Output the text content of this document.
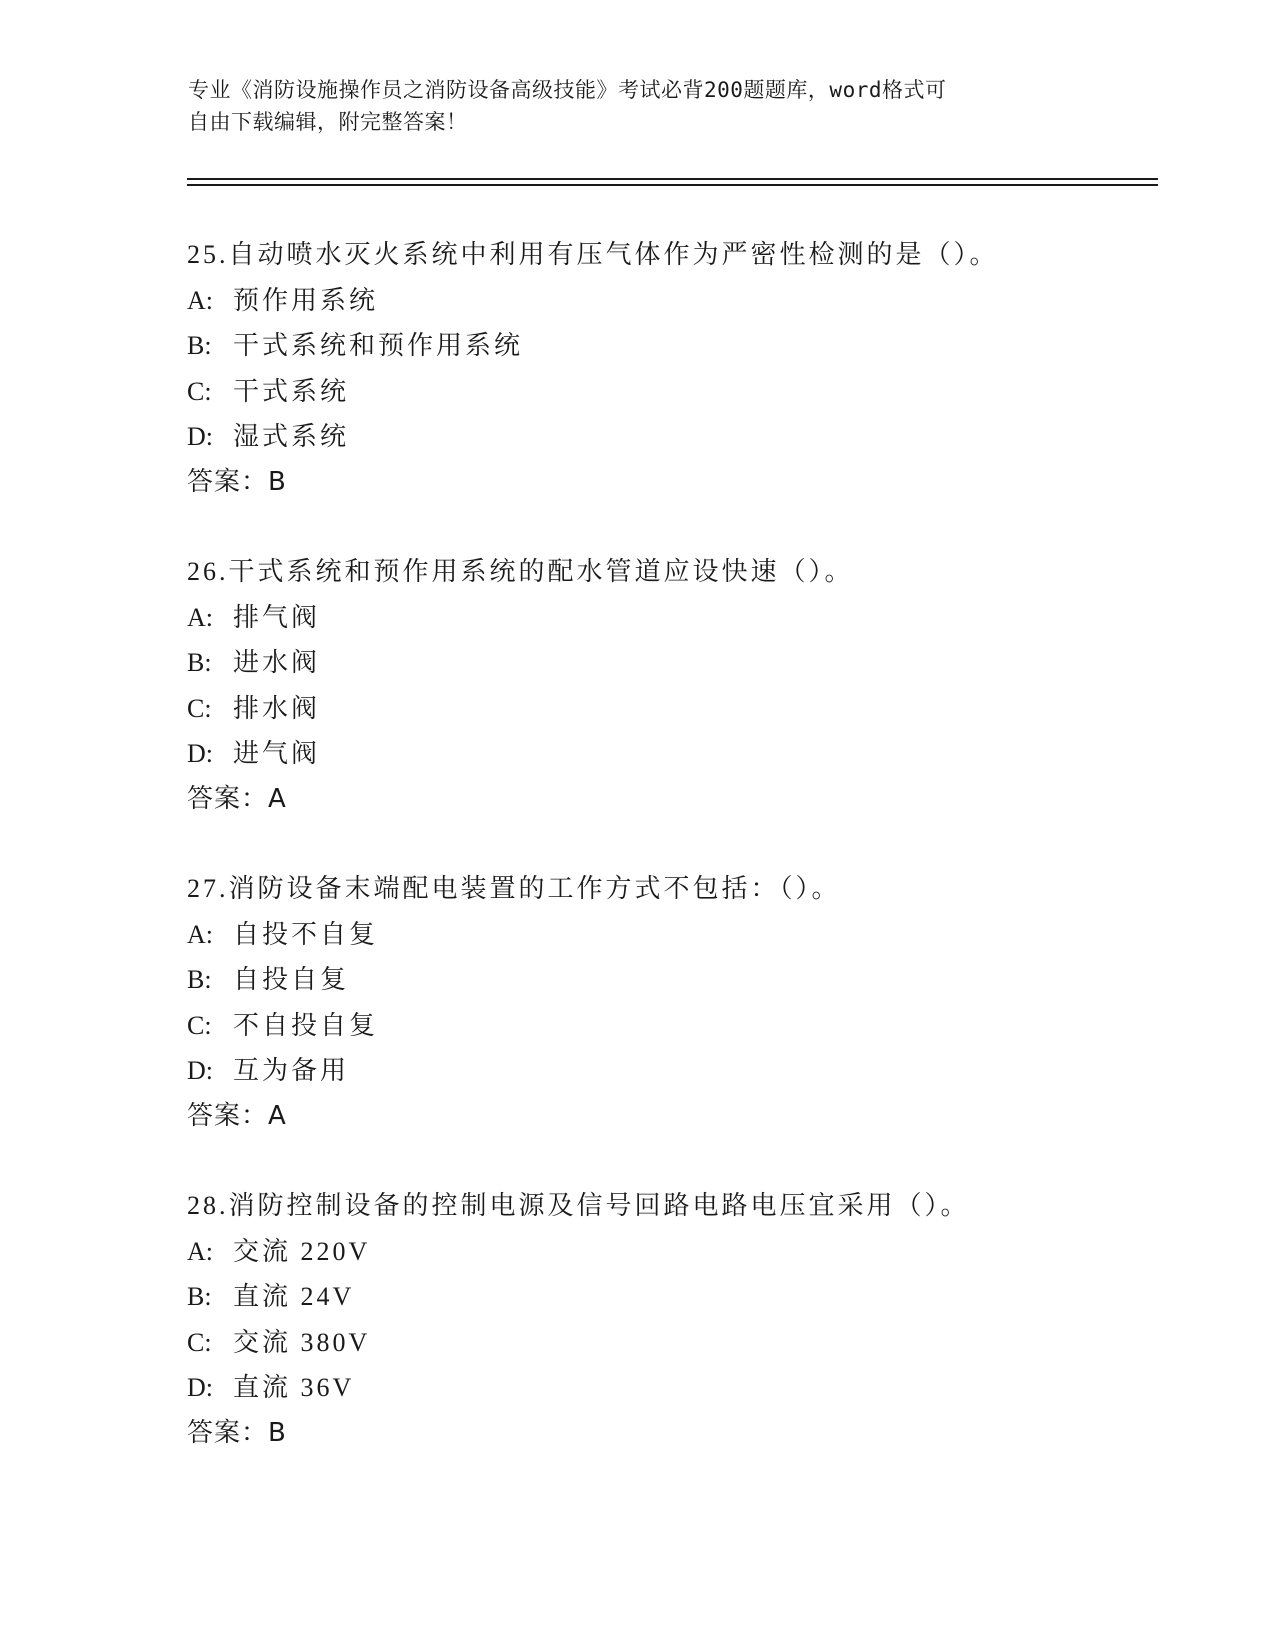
专业《消防设施操作员之消防设备高级技能》考试必背200题题库，word格式可
自由下载编辑，附完整答案！
25.自动喷水灭火系统中利用有压气体作为严密性检测的是（）。
A: 预作用系统
B: 干式系统和预作用系统
C: 干式系统
D: 湿式系统
答案：B
26.干式系统和预作用系统的配水管道应设快速（）。
A: 排气阀
B: 进水阀
C: 排水阀
D: 进气阀
答案：A
27.消防设备末端配电装置的工作方式不包括：（）。
A: 自投不自复
B: 自投自复
C: 不自投自复
D: 互为备用
答案：A
28.消防控制设备的控制电源及信号回路电路电压宜采用（）。
A: 交流 220V
B: 直流 24V
C: 交流 380V
D: 直流 36V
答案：B
